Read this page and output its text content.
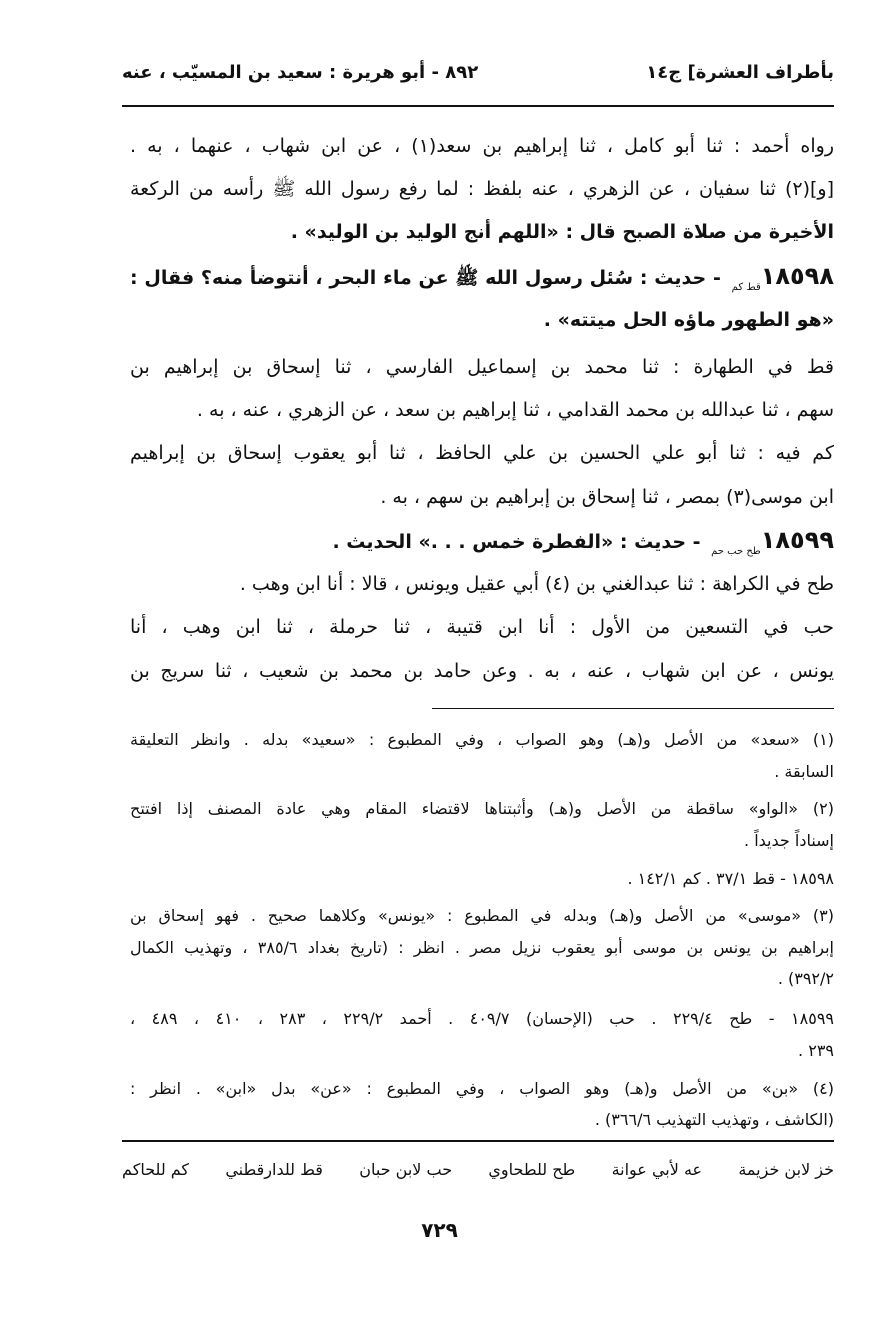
بأطراف العشرة] ج١٤
٨٩٢ - أبو هريرة : سعيد بن المسيّب ، عنه
رواه أحمد : ثنا أبو كامل ، ثنا إبراهيم بن سعد(١) ، عن ابن شهاب ، عنهما ، به .
[و](٢) ثنا سفيان ، عن الزهري ، عنه بلفظ : لما رفع رسول الله ﷺ رأسه من الركعة
الأخيرة من صلاة الصبح قال : «اللهم أنج الوليد بن الوليد» .
$١٨٥٩٨_{قط كم}$ - حديث : سُئل رسول الله ﷺ عن ماء البحر ، أنتوضأ منه؟ فقال :
«هو الطهور ماؤه الحل ميتته» .
قط في الطهارة : ثنا محمد بن إسماعيل الفارسي ، ثنا إسحاق بن إبراهيم بن
سهم ، ثنا عبدالله بن محمد القدامي ، ثنا إبراهيم بن سعد ، عن الزهري ، عنه ، به .
كم فيه : ثنا أبو علي الحسين بن علي الحافظ ، ثنا أبو يعقوب إسحاق بن إبراهيم
ابن موسى(٣) بمصر ، ثنا إسحاق بن إبراهيم بن سهم ، به .
$١٨٥٩٩_{طح حب حم}$ - حديث : «الفطرة خمس . . .» الحديث .
طح في الكراهة : ثنا عبدالغني بن (٤) أبي عقيل ويونس ، قالا : أنا ابن وهب .
حب في التسعين من الأول : أنا ابن قتيبة ، ثنا حرملة ، ثنا ابن وهب ، أنا
يونس ، عن ابن شهاب ، عنه ، به . وعن حامد بن محمد بن شعيب ، ثنا سريج بن
(١) «سعد» من الأصل و(هـ) وهو الصواب ، وفي المطبوع : «سعيد» بدله . وانظر التعليقة
السابقة .
(٢) «الواو» ساقطة من الأصل و(هـ) وأثبتناها لاقتضاء المقام وهي عادة المصنف إذا افتتح
إسناداً جديداً .
١٨٥٩٨ - قط ٣٧/١ . كم ١٤٢/١ .
(٣) «موسى» من الأصل و(هـ) وبدله في المطبوع : «يونس» وكلاهما صحيح . فهو إسحاق بن
إبراهيم بن يونس بن موسى أبو يعقوب نزيل مصر . انظر : (تاريخ بغداد ٣٨٥/٦ ، وتهذيب الكمال
٣٩٢/٢) .
١٨٥٩٩ - طح ٢٢٩/٤ . حب (الإحسان) ٤٠٩/٧ . أحمد ٢٢٩/٢ ، ٢٨٣ ، ٤١٠ ، ٤٨٩ ،
٢٣٩ .
(٤) «بن» من الأصل و(هـ) وهو الصواب ، وفي المطبوع : «عن» بدل «ابن» . انظر :
(الكاشف ، وتهذيب التهذيب ٣٦٦/٦) .
خز لابن خزيمة
عه لأبي عوانة
طح للطحاوي
حب لابن حبان
قط للدارقطني
كم للحاكم
٧٢٩
